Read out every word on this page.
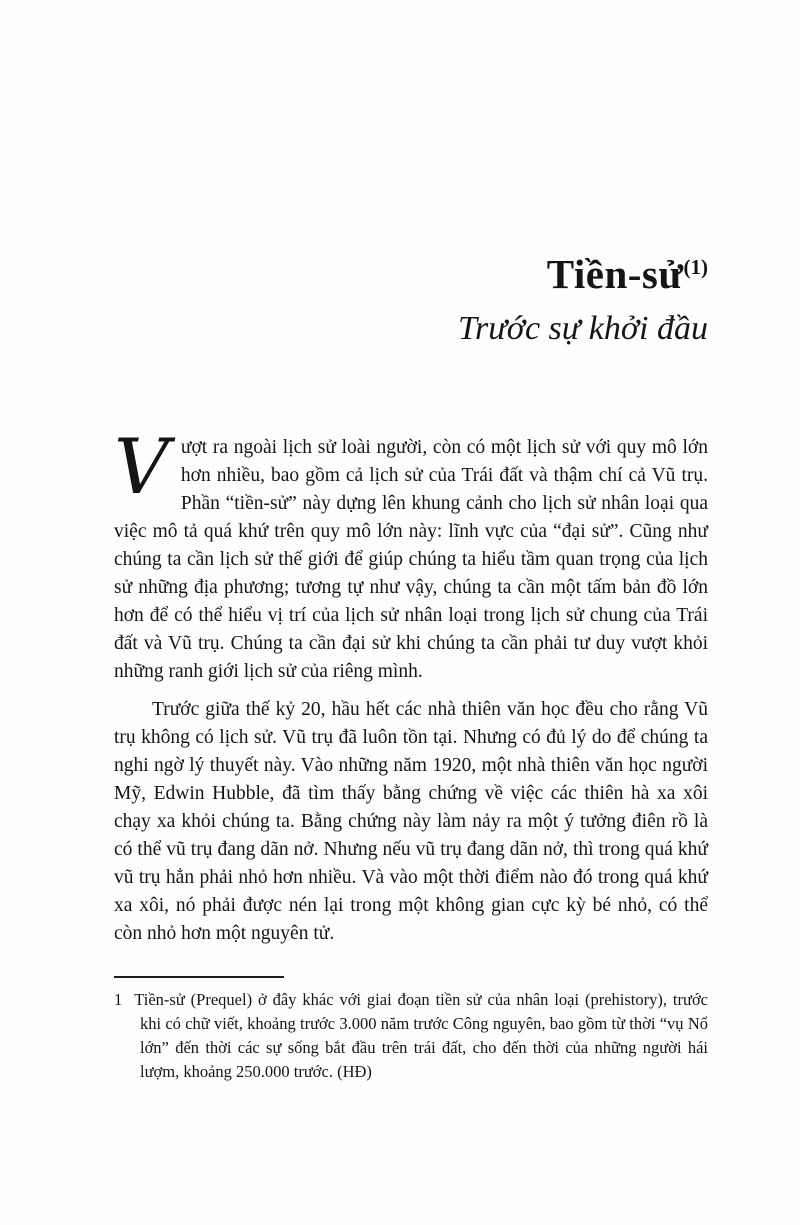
Tiền-sử$^{(1)}$
Trước sự khởi đầu

Vượt ra ngoài lịch sử loài người, còn có một lịch sử với quy mô lớn hơn nhiều, bao gồm cả lịch sử của Trái đất và thậm chí cả Vũ trụ. Phần “tiền-sử” này dựng lên khung cảnh cho lịch sử nhân loại qua việc mô tả quá khứ trên quy mô lớn này: lĩnh vực của “đại sử”. Cũng như chúng ta cần lịch sử thế giới để giúp chúng ta hiểu tầm quan trọng của lịch sử những địa phương; tương tự như vậy, chúng ta cần một tấm bản đồ lớn hơn để có thể hiểu vị trí của lịch sử nhân loại trong lịch sử chung của Trái đất và Vũ trụ. Chúng ta cần đại sử khi chúng ta cần phải tư duy vượt khỏi những ranh giới lịch sử của riêng mình.

Trước giữa thế kỷ 20, hầu hết các nhà thiên văn học đều cho rằng Vũ trụ không có lịch sử. Vũ trụ đã luôn tồn tại. Nhưng có đủ lý do để chúng ta nghi ngờ lý thuyết này. Vào những năm 1920, một nhà thiên văn học người Mỹ, Edwin Hubble, đã tìm thấy bằng chứng về việc các thiên hà xa xôi chạy xa khỏi chúng ta. Bằng chứng này làm nảy ra một ý tưởng điên rồ là có thể vũ trụ đang dãn nở. Nhưng nếu vũ trụ đang dãn nở, thì trong quá khứ vũ trụ hẳn phải nhỏ hơn nhiều. Và vào một thời điểm nào đó trong quá khứ xa xôi, nó phải được nén lại trong một không gian cực kỳ bé nhỏ, có thể còn nhỏ hơn một nguyên tử.

1 Tiền-sử (Prequel) ở đây khác với giai đoạn tiền sử của nhân loại (prehistory), trước khi có chữ viết, khoảng trước 3.000 năm trước Công nguyên, bao gồm từ thời “vụ Nổ lớn” đến thời các sự sống bắt đầu trên trái đất, cho đến thời của những người hái lượm, khoảng 250.000 trước. (HĐ)
